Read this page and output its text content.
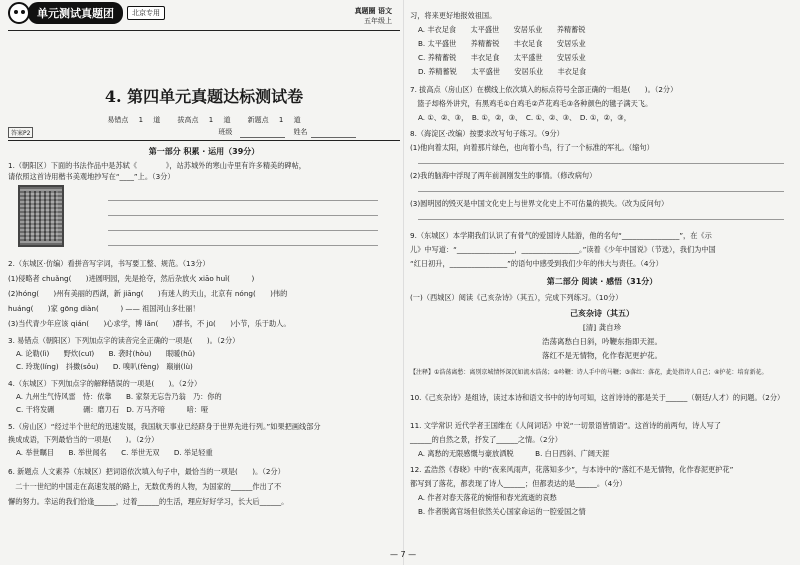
单元测试真题团	北京专用	真题圈 语文
五年级上
4. 第四单元真题达标测试卷
易错点 1 道 　拔高点 1 道 　新题点 1 道
答案P2	班级	姓名
第一部分 积累 · 运用（39分）
1.（朝阳区）下面的书法作品中是苏轼《　　　　》，站苏城外的寒山寺里有许多精美的碑帖，
请依照这首诗用楷书美观地抄写在“____”上。（3分）
2.（东城区·仿编）看拼音写字词，书写要工整、规范。（13分）
(1)侵略者 chuǎng(　　)进圆明园，先是抢夺，然后杂放火 xiāo huǐ(　　　)
(2)hóng(　　)州有美丽的西湖，新 jiāng(　　)有迷人的天山，北京有 nóng(　　)伟的
huáng(　　)家 gōng diàn(　　　) —— 祖国河山多壮丽！
(3)当代青少年应该 qián(　　)心求学，博 lǎn(　　)群书，不 jū(　　)小节，乐于助人。
3. 易错点（朝阳区）下列加点字的读音完全正确的一项是(　　)。（2分）
A. 论勒(lì)　　野炊(cuī)　　B. 袭时(hòu)　　眼暖(hǔ)
C. 玲珑(líng)　抖擞(sǒu)　　D. 嗅叭(fèng)　巅崩(lù)
4.（东城区）下列加点字的解释错误的一项是(　　)。（2分）
A. 九州生气恃风雷　恃：依靠　　B. 家祭无忘告乃翁　乃：你的
C. 干将发硎　　　　硎：磨刀石　D. 万马齐喑　　　喑：哑
5.（房山区）“经过半个世纪的迅速发展，我国航天事业已经跻身于世界先进行列。”如果把画线部分
换成成语，下列最恰当的一项是(　　)。（2分）
A. 举世瞩目　　B. 举世闻名　　C. 举世无双　　D. 举足轻重
6. 新题点 人文素养（东城区）把词语依次填入句子中，最恰当的一项是(　　)。（2分）
　二十一世纪的中国走在高速发展的路上，无数优秀的人物，为国家的______作出了不
懈的努力。幸运的我们恰逢______，过着______的生活，理应好好学习，长大后______。
习，将来更好地报效祖国。
A. 丰衣足食　　太平盛世　　安居乐业　　养精蓄锐
B. 太平盛世　　养精蓄锐　　丰衣足食　　安居乐业
C. 养精蓄锐　　丰衣足食　　太平盛世　　安居乐业
D. 养精蓄锐　　太平盛世　　安居乐业　　丰衣足食
7. 拔高点（房山区）在横线上依次填入的标点符号全部正确的一组是(　　)。（2分）
　篮子却格外讲究，有黑鸡毛①白鸡毛②芦花鸡毛③各种颜色的毽子满天飞。
A. ①、②、③，　B. ①，②，③、　C. ①、②、③、　D. ①，②，③，
8.（海淀区·改编）按要求改写句子练习。（9分）
(1)他向着太阳，向着那片绿色，也向着小鸟，行了一个标准的军礼。（缩句）
(2)我的脑海中浮现了两年前洞刚发生的事情。（修改病句）
(3)圆明园的毁灭是中国文化史上与世界文化史上不可估量的损失。（改为反问句）
9.（东城区）本学期我们认识了有骨气的爱国诗人陆游，他的名句“________________”，在《示
儿》中写道：“________________，________________。”读着《少年中国说》（节选），我们为中国
“红日初升，________________”的语句中感受到我们少年的伟大与责任。（4分）
第二部分 阅读 · 感悟（31分）
(一)（西城区）阅读《己亥杂诗》（其五），完成下列练习。（10分）
己亥杂诗（其五）
[清] 龚自珍
浩荡离愁白日斜，吟鞭东指即天涯。
落红不是无情物，化作春泥更护花。
【注释】①浩荡离愁：离别京城情怀深沉如流水浩荡；②吟鞭：诗人手中的马鞭；③落红：落花，此处指诗人自己；④护花：培育新花。
10.《己亥杂诗》是组诗，读过本诗和语文书中的诗句可知，这首诗诗的都是关于______（朝廷/人才）的问题。（2分）
11. 文学常识 近代学者王国维在《人间词话》中说“一切景语皆情语”。这首诗的前两句，诗人写了
______的自然之景，抒发了______之情。（2分）
A. 离愁的无限感慨与豪放洒脱　　　B. 白日西斜、广阔天涯
12. 孟浩然《春晓》中的“夜来风雨声，花落知多少”，与本诗中的“落红不是无情物，化作春泥更护花”
都写到了落花，都表现了诗人______；但都表达的是______。（4分）
A. 作者对春天落花的惋惜和春光流逝的哀愁
B. 作者脱离官场但依然关心国家命运的一腔爱国之情
— 7 —
